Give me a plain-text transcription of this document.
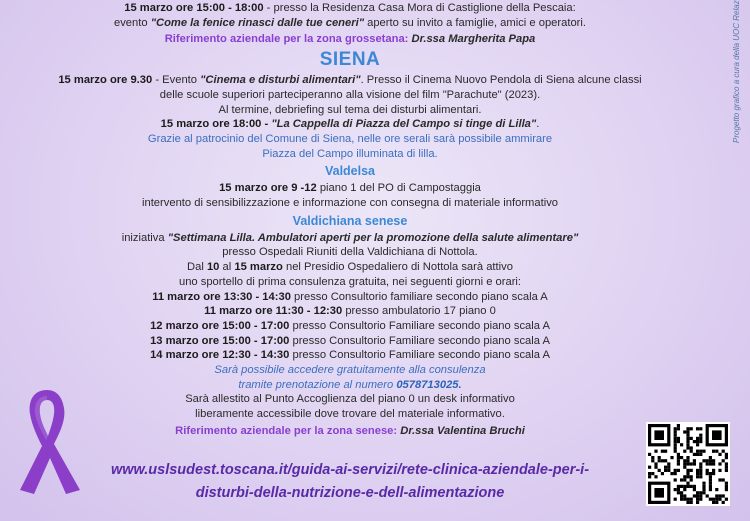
15 marzo ore 15:00 - 18:00 - presso la Residenza Casa Mora di Castiglione della Pescaia:
evento "Come la fenice rinasci dalle tue ceneri" aperto su invito a famiglie, amici e operatori.
Riferimento aziendale per la zona grossetana: Dr.ssa Margherita Papa
SIENA
15 marzo ore 9.30 - Evento "Cinema e disturbi alimentari". Presso il Cinema Nuovo Pendola di Siena alcune classi
delle scuole superiori parteciperanno alla visione del film "Parachute" (2023).
Al termine, debriefing sul tema dei disturbi alimentari.
15 marzo ore 18:00 - "La Cappella di Piazza del Campo si tinge di Lilla".
Grazie al patrocinio del Comune di Siena, nelle ore serali sarà possibile ammirare
Piazza del Campo illuminata di lilla.
Valdelsa
15 marzo ore 9 -12 piano 1 del PO di Campostaggia
intervento di sensibilizzazione e informazione con consegna di materiale informativo
Valdichiana senese
iniziativa "Settimana Lilla. Ambulatori aperti per la promozione della salute alimentare"
presso Ospedali Riuniti della Valdichiana di Nottola.
Dal 10 al 15 marzo nel Presidio Ospedaliero di Nottola sarà attivo
uno sportello di prima consulenza gratuita, nei seguenti giorni e orari:
11 marzo ore 13:30 - 14:30 presso Consultorio familiare secondo piano scala A
11 marzo ore 11:30 - 12:30 presso ambulatorio 17 piano 0
12 marzo ore 15:00 - 17:00 presso Consultorio Familiare secondo piano scala A
13 marzo ore 15:00 - 17:00 presso Consultorio Familiare secondo piano scala A
14 marzo ore 12:30 - 14:30 presso Consultorio Familiare secondo piano scala A
Sarà possibile accedere gratuitamente alla consulenza
tramite prenotazione al numero 0578713025.
Sarà allestito al Punto Accoglienza del piano 0 un desk informativo
liberamente accessibile dove trovare del materiale informativo.
Riferimento aziendale per la zona senese: Dr.ssa Valentina Bruchi
www.uslsudest.toscana.it/guida-ai-servizi/rete-clinica-aziendale-per-i-
disturbi-della-nutrizione-e-dell-alimentazione
Progetto grafico a cura della UOC Relaz
